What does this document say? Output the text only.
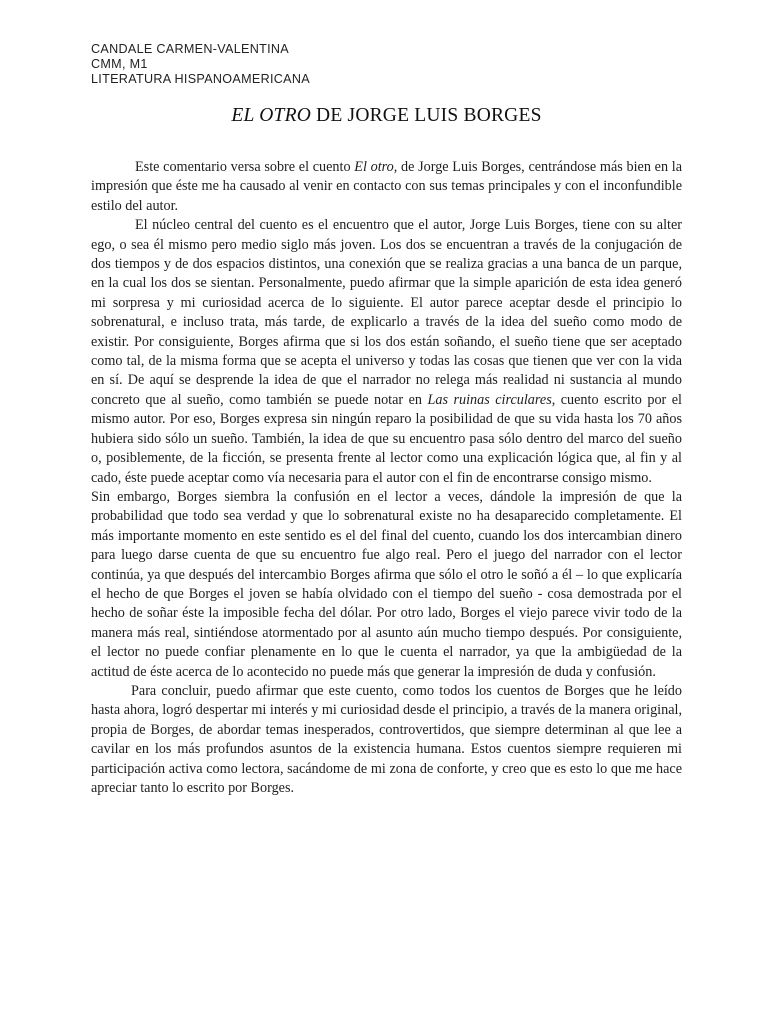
CANDALE CARMEN-VALENTINA
CMM, M1
LITERATURA HISPANOAMERICANA
EL OTRO DE JORGE LUIS BORGES

Este comentario versa sobre el cuento El otro, de Jorge Luis Borges, centrándose más bien en la impresión que éste me ha causado al venir en contacto con sus temas principales y con el inconfundible estilo del autor.

El núcleo central del cuento es el encuentro que el autor, Jorge Luis Borges, tiene con su alter ego, o sea él mismo pero medio siglo más joven. Los dos se encuentran a través de la conjugación de dos tiempos y de dos espacios distintos, una conexión que se realiza gracias a una banca de un parque, en la cual los dos se sientan. Personalmente, puedo afirmar que la simple aparición de esta idea generó mi sorpresa y mi curiosidad acerca de lo siguiente. El autor parece aceptar desde el principio lo sobrenatural, e incluso trata, más tarde, de explicarlo a través de la idea del sueño como modo de existir. Por consiguiente, Borges afirma que si los dos están soñando, el sueño tiene que ser aceptado como tal, de la misma forma que se acepta el universo y todas las cosas que tienen que ver con la vida en sí. De aquí se desprende la idea de que el narrador no relega más realidad ni sustancia al mundo concreto que al sueño, como también se puede notar en Las ruinas circulares, cuento escrito por el mismo autor. Por eso, Borges expresa sin ningún reparo la posibilidad de que su vida hasta los 70 años hubiera sido sólo un sueño. También, la idea de que su encuentro pasa sólo dentro del marco del sueño o, posiblemente, de la ficción, se presenta frente al lector como una explicación lógica que, al fin y al cado, éste puede aceptar como vía necesaria para el autor con el fin de encontrarse consigo mismo.

Sin embargo, Borges siembra la confusión en el lector a veces, dándole la impresión de que la probabilidad que todo sea verdad y que lo sobrenatural existe no ha desaparecido completamente. El más importante momento en este sentido es el del final del cuento, cuando los dos intercambian dinero para luego darse cuenta de que su encuentro fue algo real. Pero el juego del narrador con el lector continúa, ya que después del intercambio Borges afirma que sólo el otro le soñó a él – lo que explicaría el hecho de que Borges el joven se había olvidado con el tiempo del sueño - cosa demostrada por el hecho de soñar éste la imposible fecha del dólar. Por otro lado, Borges el viejo parece vivir todo de la manera más real, sintiéndose atormentado por al asunto aún mucho tiempo después. Por consiguiente, el lector no puede confiar plenamente en lo que le cuenta el narrador, ya que la ambigüedad de la actitud de éste acerca de lo acontecido no puede más que generar la impresión de duda y confusión.

Para concluir, puedo afirmar que este cuento, como todos los cuentos de Borges que he leído hasta ahora, logró despertar mi interés y mi curiosidad desde el principio, a través de la manera original, propia de Borges, de abordar temas inesperados, controvertidos, que siempre determinan al que lee a cavilar en los más profundos asuntos de la existencia humana. Estos cuentos siempre requieren mi participación activa como lectora, sacándome de mi zona de conforte, y creo que es esto lo que me hace apreciar tanto lo escrito por Borges.
